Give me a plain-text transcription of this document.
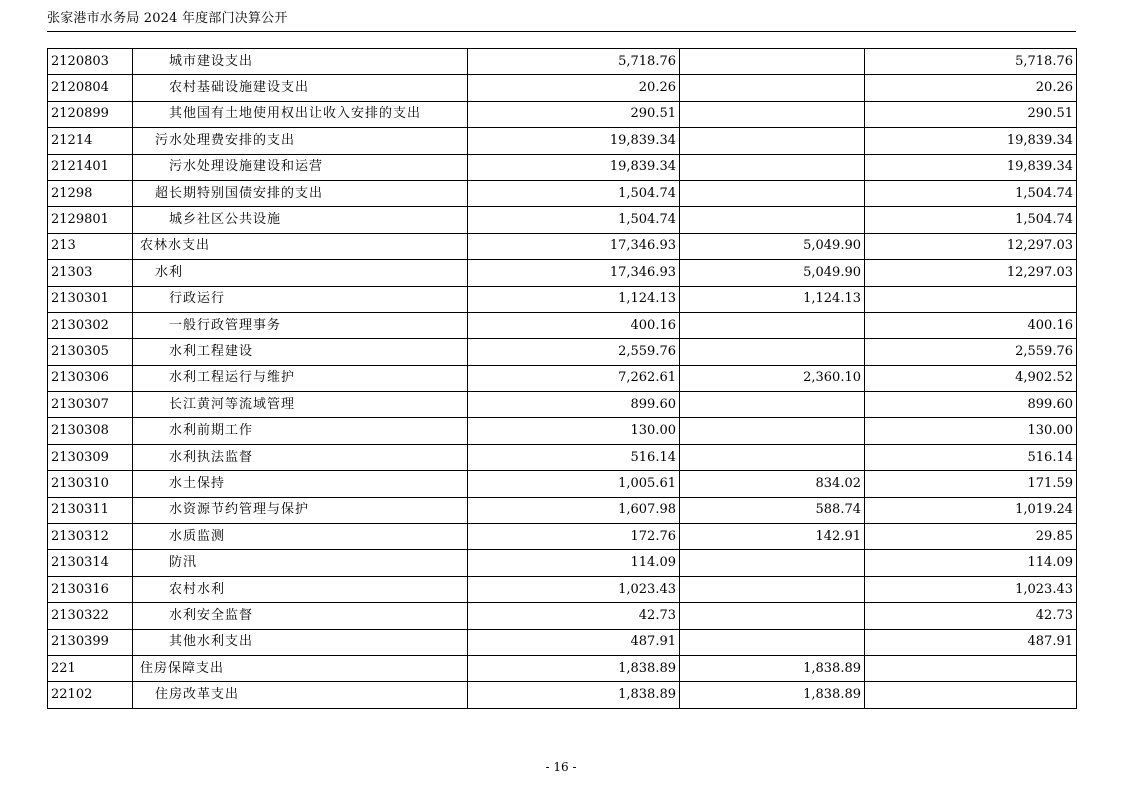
张家港市水务局 2024 年度部门决算公开
2120803	城市建设支出	5,718.76		5,718.76
2120804	农村基础设施建设支出	20.26		20.26
2120899	其他国有土地使用权出让收入安排的支出	290.51		290.51
21214	污水处理费安排的支出	19,839.34		19,839.34
2121401	污水处理设施建设和运营	19,839.34		19,839.34
21298	超长期特别国债安排的支出	1,504.74		1,504.74
2129801	城乡社区公共设施	1,504.74		1,504.74
213	农林水支出	17,346.93	5,049.90	12,297.03
21303	水利	17,346.93	5,049.90	12,297.03
2130301	行政运行	1,124.13	1,124.13	
2130302	一般行政管理事务	400.16		400.16
2130305	水利工程建设	2,559.76		2,559.76
2130306	水利工程运行与维护	7,262.61	2,360.10	4,902.52
2130307	长江黄河等流域管理	899.60		899.60
2130308	水利前期工作	130.00		130.00
2130309	水利执法监督	516.14		516.14
2130310	水土保持	1,005.61	834.02	171.59
2130311	水资源节约管理与保护	1,607.98	588.74	1,019.24
2130312	水质监测	172.76	142.91	29.85
2130314	防汛	114.09		114.09
2130316	农村水利	1,023.43		1,023.43
2130322	水利安全监督	42.73		42.73
2130399	其他水利支出	487.91		487.91
221	住房保障支出	1,838.89	1,838.89	
22102	住房改革支出	1,838.89	1,838.89	
- 16 -
